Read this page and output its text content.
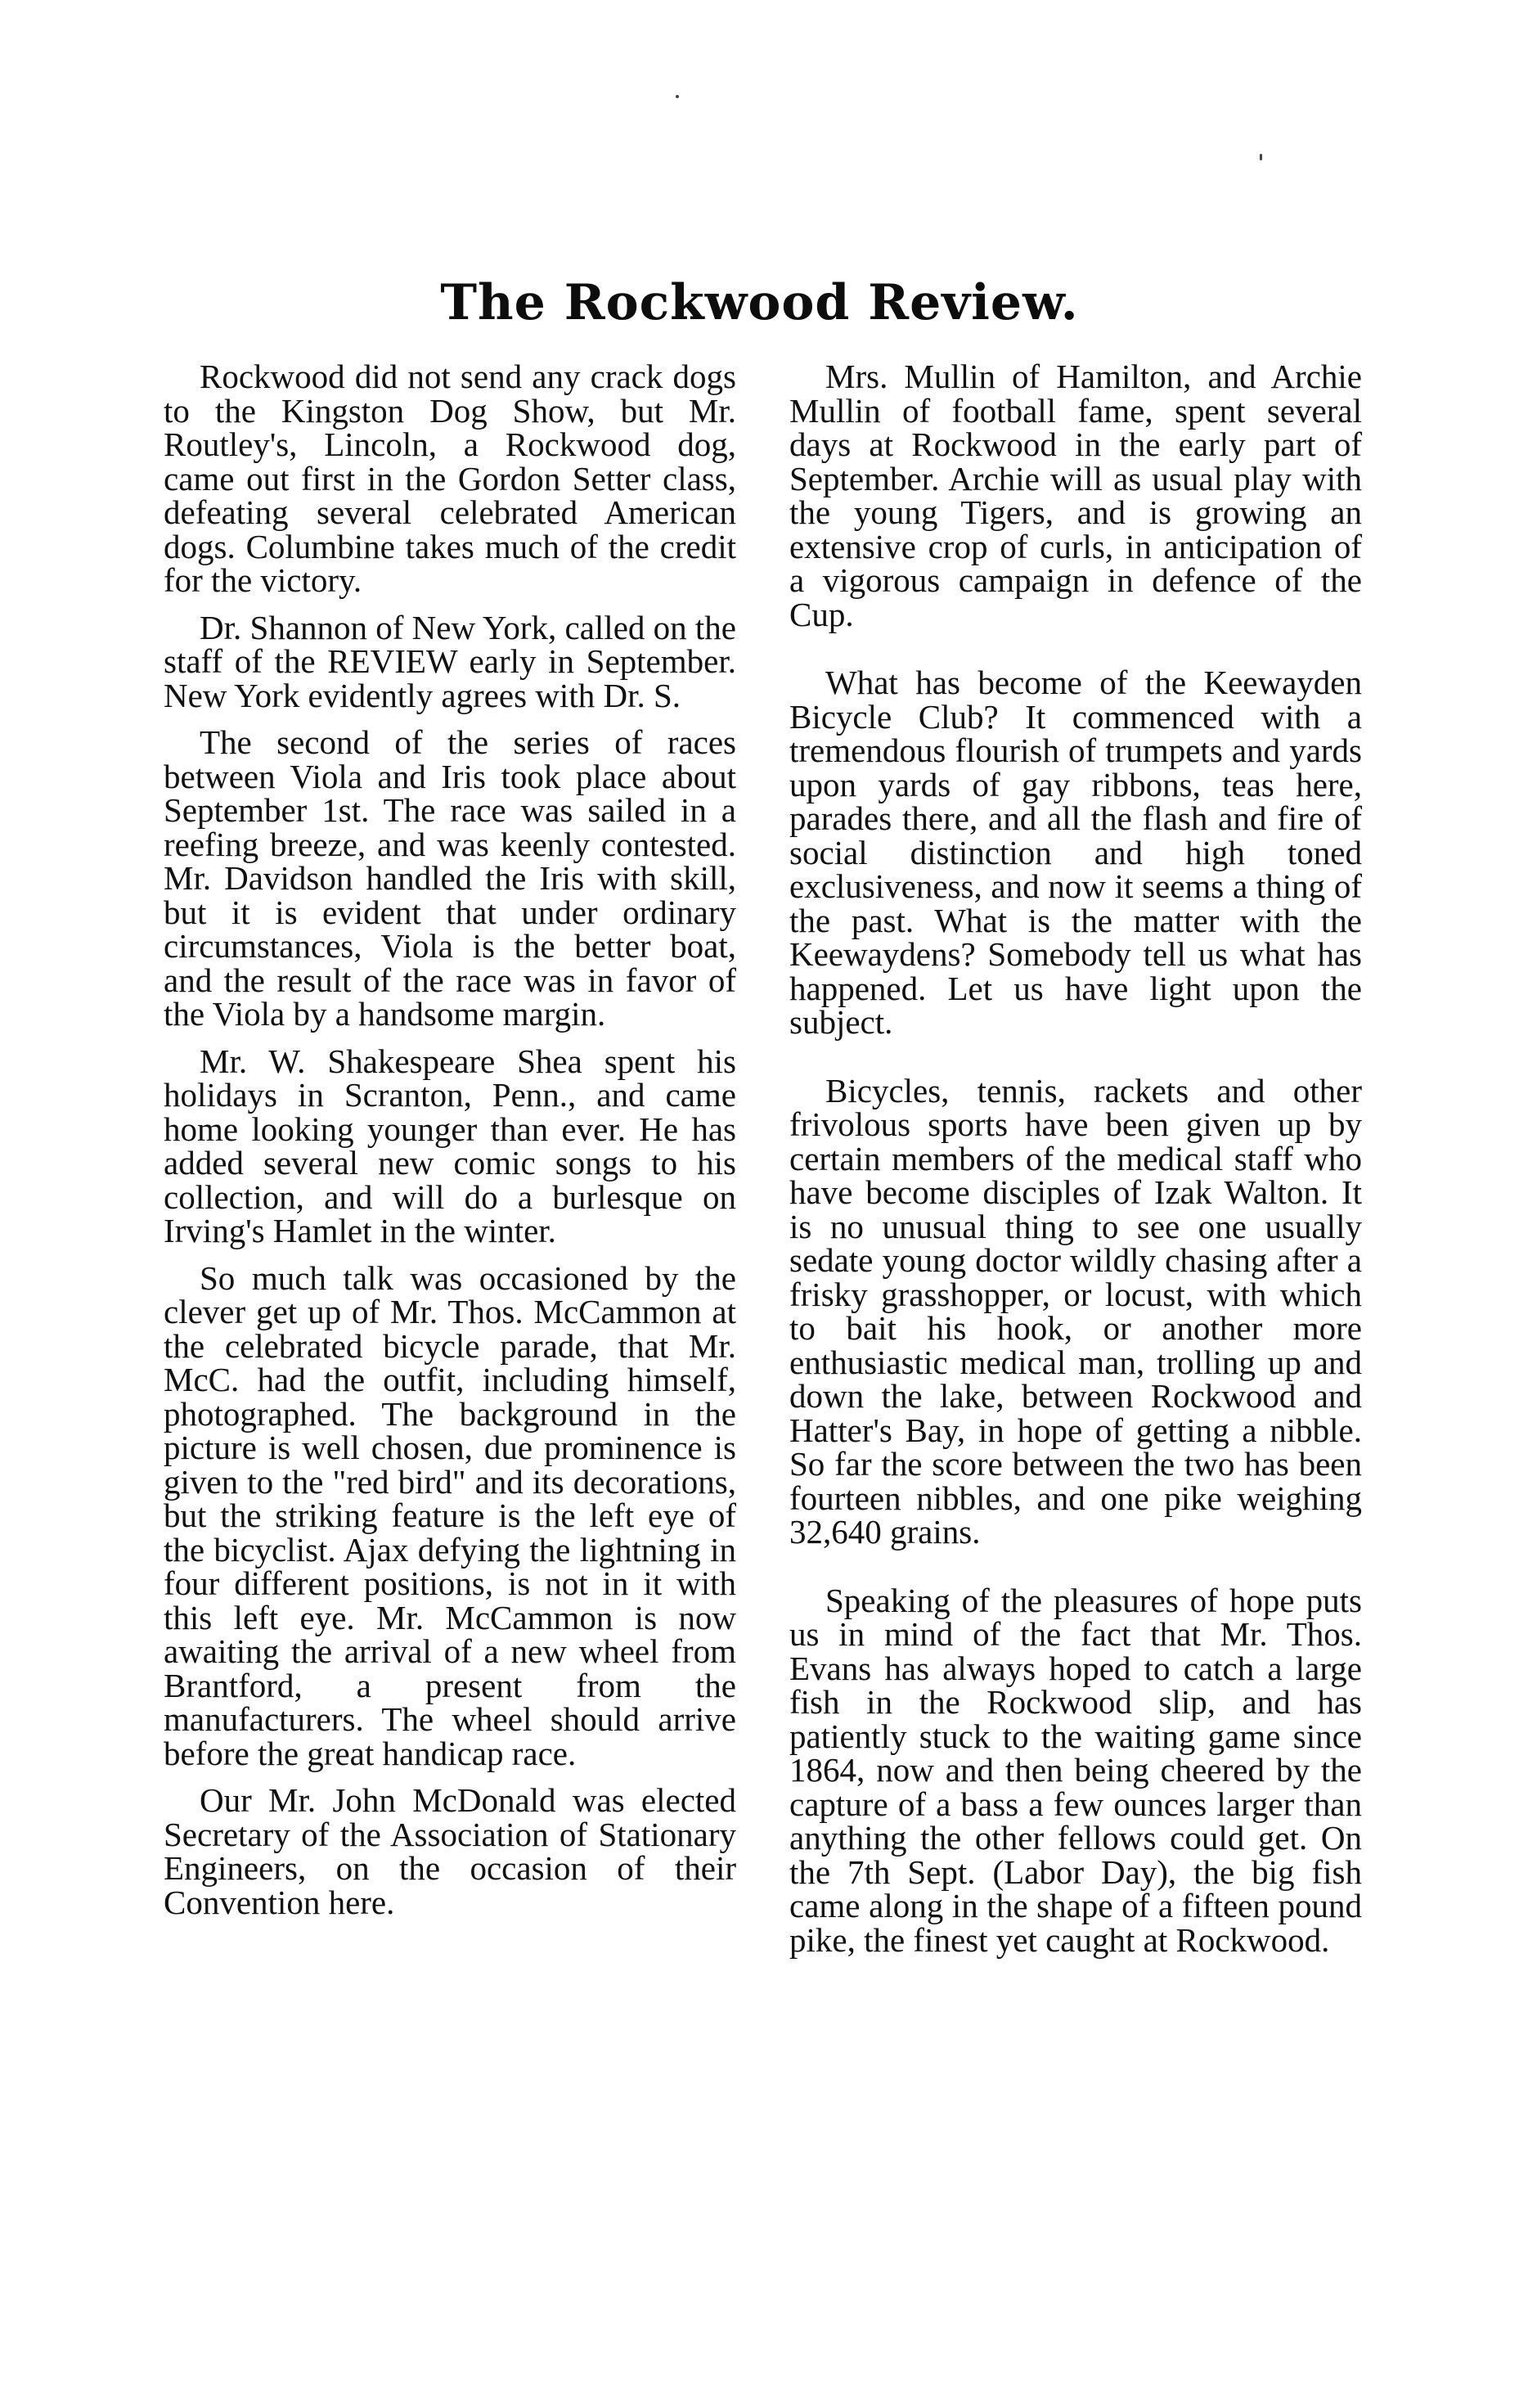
The Rockwood Review.

Rockwood did not send any crack dogs to the Kingston Dog Show, but Mr. Routley's, Lincoln, a Rockwood dog, came out first in the Gordon Setter class, defeating several celebrated American dogs. Columbine takes much of the credit for the victory.

Dr. Shannon of New York, called on the staff of the REVIEW early in September. New York evidently agrees with Dr. S.

The second of the series of races between Viola and Iris took place about September 1st. The race was sailed in a reefing breeze, and was keenly contested. Mr. Davidson handled the Iris with skill, but it is evident that under ordinary circumstances, Viola is the better boat, and the result of the race was in favor of the Viola by a handsome margin.

Mr. W. Shakespeare Shea spent his holidays in Scranton, Penn., and came home looking younger than ever. He has added several new comic songs to his collection, and will do a burlesque on Irving's Hamlet in the winter.

So much talk was occasioned by the clever get up of Mr. Thos. McCammon at the celebrated bicycle parade, that Mr. McC. had the outfit, including himself, photographed. The background in the picture is well chosen, due prominence is given to the "red bird" and its decorations, but the striking feature is the left eye of the bicyclist. Ajax defying the lightning in four different positions, is not in it with this left eye. Mr. McCammon is now awaiting the arrival of a new wheel from Brantford, a present from the manufacturers. The wheel should arrive before the great handicap race.

Our Mr. John McDonald was elected Secretary of the Association of Stationary Engineers, on the occasion of their Convention here.

Mrs. Mullin of Hamilton, and Archie Mullin of football fame, spent several days at Rockwood in the early part of September. Archie will as usual play with the young Tigers, and is growing an extensive crop of curls, in anticipation of a vigorous campaign in defence of the Cup.

What has become of the Keewayden Bicycle Club? It commenced with a tremendous flourish of trumpets and yards upon yards of gay ribbons, teas here, parades there, and all the flash and fire of social distinction and high toned exclusiveness, and now it seems a thing of the past. What is the matter with the Keewaydens? Somebody tell us what has happened. Let us have light upon the subject.

Bicycles, tennis, rackets and other frivolous sports have been given up by certain members of the medical staff who have become disciples of Izak Walton. It is no unusual thing to see one usually sedate young doctor wildly chasing after a frisky grasshopper, or locust, with which to bait his hook, or another more enthusiastic medical man, trolling up and down the lake, between Rockwood and Hatter's Bay, in hope of getting a nibble. So far the score between the two has been fourteen nibbles, and one pike weighing 32,640 grains.

Speaking of the pleasures of hope puts us in mind of the fact that Mr. Thos. Evans has always hoped to catch a large fish in the Rockwood slip, and has patiently stuck to the waiting game since 1864, now and then being cheered by the capture of a bass a few ounces larger than anything the other fellows could get. On the 7th Sept. (Labor Day), the big fish came along in the shape of a fifteen pound pike, the finest yet caught at Rockwood.
